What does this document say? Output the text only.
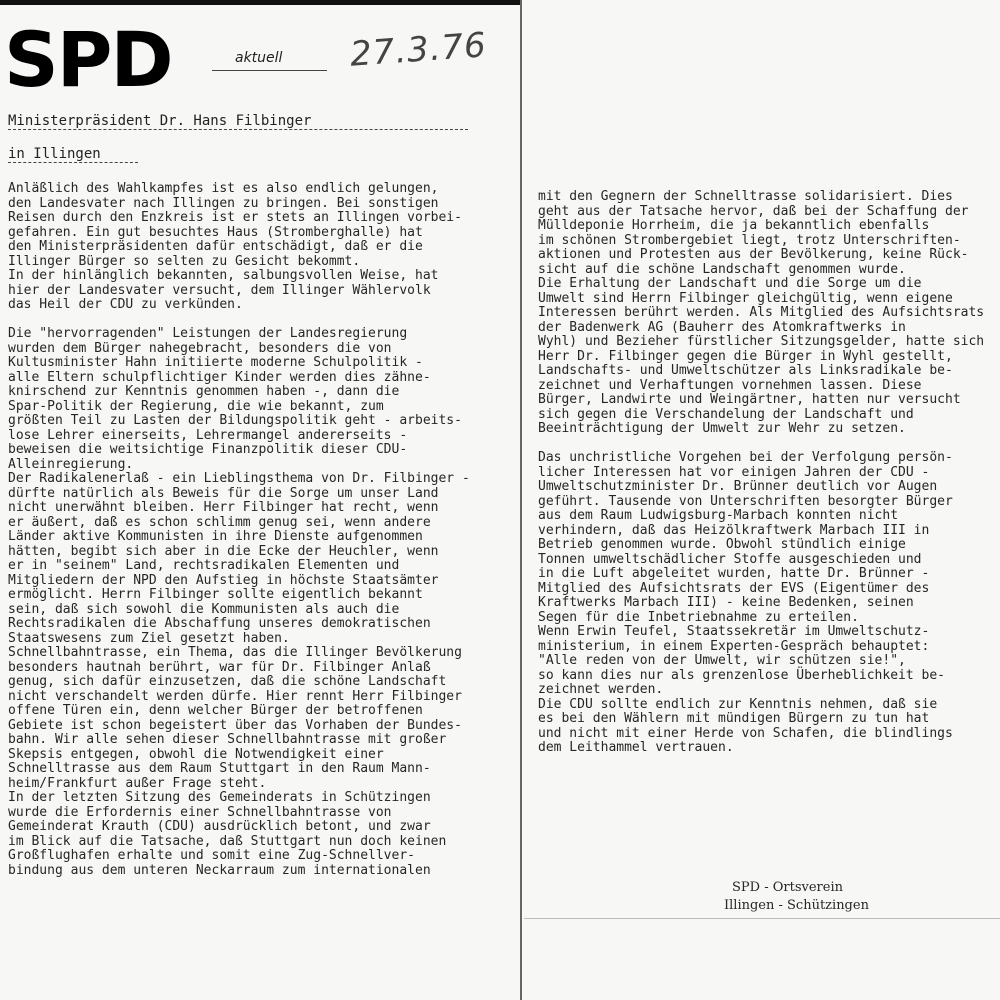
SPD	aktuell 27.3.76
Ministerpräsident Dr. Hans Filbinger
in Illingen
Anläßlich des Wahlkampfes ist es also endlich gelungen,
den Landesvater nach Illingen zu bringen. Bei sonstigen
Reisen durch den Enzkreis ist er stets an Illingen vorbei-
gefahren. Ein gut besuchtes Haus (Stromberghalle) hat
den Ministerpräsidenten dafür entschädigt, daß er die
Illinger Bürger so selten zu Gesicht bekommt.
In der hinlänglich bekannten, salbungsvollen Weise, hat
hier der Landesvater versucht, dem Illinger Wählervolk
das Heil der CDU zu verkünden.

Die "hervorragenden" Leistungen der Landesregierung
wurden dem Bürger nahegebracht, besonders die von
Kultusminister Hahn initiierte moderne Schulpolitik -
alle Eltern schulpflichtiger Kinder werden dies zähne-
knirschend zur Kenntnis genommen haben -, dann die
Spar-Politik der Regierung, die wie bekannt, zum
größten Teil zu Lasten der Bildungspolitik geht - arbeits-
lose Lehrer einerseits, Lehrermangel andererseits -
beweisen die weitsichtige Finanzpolitik dieser CDU-
Alleinregierung.
Der Radikalenerlaß - ein Lieblingsthema von Dr. Filbinger -
dürfte natürlich als Beweis für die Sorge um unser Land
nicht unerwähnt bleiben. Herr Filbinger hat recht, wenn
er äußert, daß es schon schlimm genug sei, wenn andere
Länder aktive Kommunisten in ihre Dienste aufgenommen
hätten, begibt sich aber in die Ecke der Heuchler, wenn
er in "seinem" Land, rechtsradikalen Elementen und
Mitgliedern der NPD den Aufstieg in höchste Staatsämter
ermöglicht. Herrn Filbinger sollte eigentlich bekannt
sein, daß sich sowohl die Kommunisten als auch die
Rechtsradikalen die Abschaffung unseres demokratischen
Staatswesens zum Ziel gesetzt haben.
Schnellbahntrasse, ein Thema, das die Illinger Bevölkerung
besonders hautnah berührt, war für Dr. Filbinger Anlaß
genug, sich dafür einzusetzen, daß die schöne Landschaft
nicht verschandelt werden dürfe. Hier rennt Herr Filbinger
offene Türen ein, denn welcher Bürger der betroffenen
Gebiete ist schon begeistert über das Vorhaben der Bundes-
bahn. Wir alle sehen dieser Schnellbahntrasse mit großer
Skepsis entgegen, obwohl die Notwendigkeit einer
Schnelltrasse aus dem Raum Stuttgart in den Raum Mann-
heim/Frankfurt außer Frage steht.
In der letzten Sitzung des Gemeinderats in Schützingen
wurde die Erfordernis einer Schnellbahntrasse von
Gemeinderat Krauth (CDU) ausdrücklich betont, und zwar
im Blick auf die Tatsache, daß Stuttgart nun doch keinen
Großflughafen erhalte und somit eine Zug-Schnellver-
bindung aus dem unteren Neckarraum zum internationalen
mit den Gegnern der Schnelltrasse solidarisiert. Dies
geht aus der Tatsache hervor, daß bei der Schaffung der
Mülldeponie Horrheim, die ja bekanntlich ebenfalls
im schönen Strombergebiet liegt, trotz Unterschriften-
aktionen und Protesten aus der Bevölkerung, keine Rück-
sicht auf die schöne Landschaft genommen wurde.
Die Erhaltung der Landschaft und die Sorge um die
Umwelt sind Herrn Filbinger gleichgültig, wenn eigene
Interessen berührt werden. Als Mitglied des Aufsichtsrats
der Badenwerk AG (Bauherr des Atomkraftwerks in
Wyhl) und Bezieher fürstlicher Sitzungsgelder, hatte sich
Herr Dr. Filbinger gegen die Bürger in Wyhl gestellt,
Landschafts- und Umweltschützer als Linksradikale be-
zeichnet und Verhaftungen vornehmen lassen. Diese
Bürger, Landwirte und Weingärtner, hatten nur versucht
sich gegen die Verschandelung der Landschaft und
Beeinträchtigung der Umwelt zur Wehr zu setzen.

Das unchristliche Vorgehen bei der Verfolgung persön-
licher Interessen hat vor einigen Jahren der CDU -
Umweltschutzminister Dr. Brünner deutlich vor Augen
geführt. Tausende von Unterschriften besorgter Bürger
aus dem Raum Ludwigsburg-Marbach konnten nicht
verhindern, daß das Heizölkraftwerk Marbach III in
Betrieb genommen wurde. Obwohl stündlich einige
Tonnen umweltschädlicher Stoffe ausgeschieden und
in die Luft abgeleitet wurden, hatte Dr. Brünner -
Mitglied des Aufsichtsrats der EVS (Eigentümer des
Kraftwerks Marbach III) - keine Bedenken, seinen
Segen für die Inbetriebnahme zu erteilen.
Wenn Erwin Teufel, Staatssekretär im Umweltschutz-
ministerium, in einem Experten-Gespräch behauptet:
"Alle reden von der Umwelt, wir schützen sie!",
so kann dies nur als grenzenlose Überheblichkeit be-
zeichnet werden.
Die CDU sollte endlich zur Kenntnis nehmen, daß sie
es bei den Wählern mit mündigen Bürgern zu tun hat
und nicht mit einer Herde von Schafen, die blindlings
dem Leithammel vertrauen.
SPD - Ortsverein
Illingen - Schützingen
